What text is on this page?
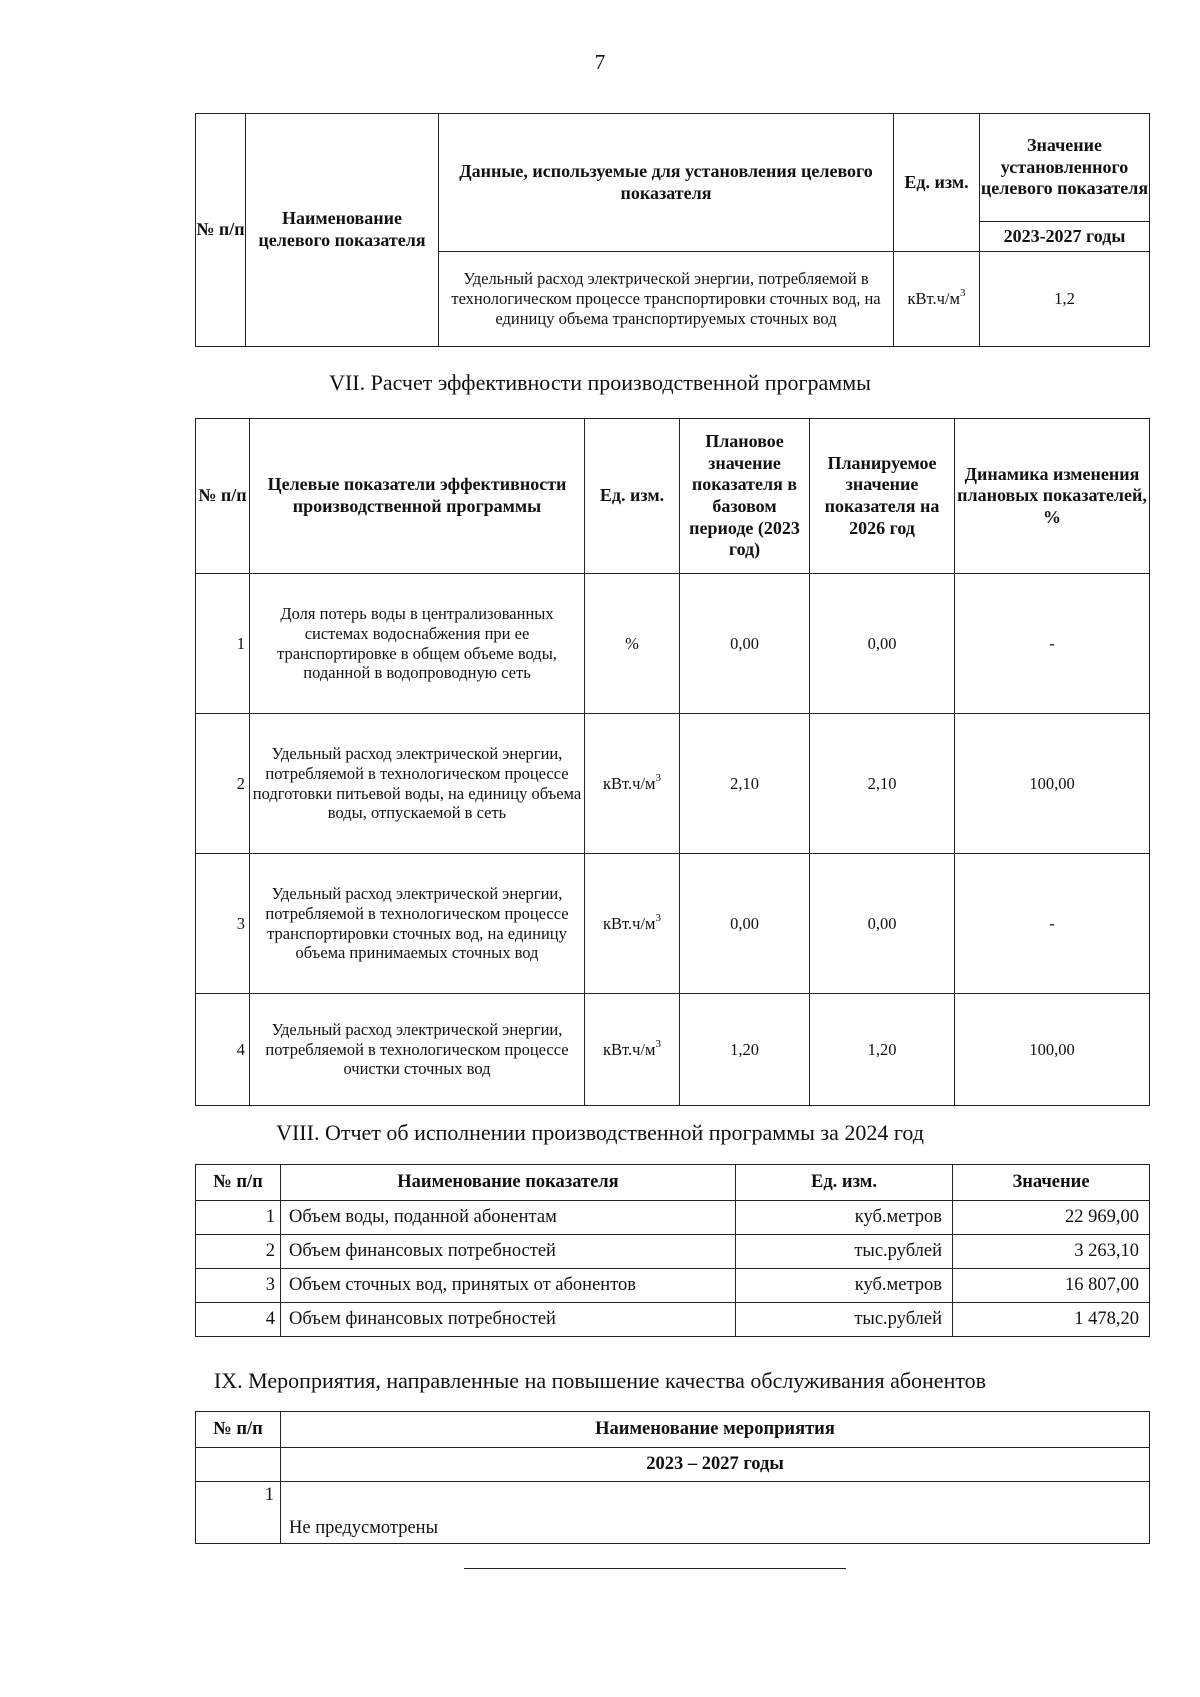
7
№ п/п	Наименование целевого показателя	Данные, используемые для установления целевого показателя	Ед. изм.	Значение установленного целевого показателя
				2023-2027 годы
		Удельный расход электрической энергии, потребляемой в технологическом процессе транспортировки сточных вод, на единицу объема транспортируемых сточных вод	$кВт.ч/м^3$	1,2
VII. Расчет эффективности производственной программы
№ п/п	Целевые показатели эффективности производственной программы	Ед. изм.	Плановое значение показателя в базовом периоде (2023 год)	Планируемое значение показателя на 2026 год	Динамика изменения плановых показателей, %
1	Доля потерь воды в централизованных системах водоснабжения при ее транспортировке в общем объеме воды, поданной в водопроводную сеть	%	0,00	0,00	-
2	Удельный расход электрической энергии, потребляемой в технологическом процессе подготовки питьевой воды, на единицу объема воды, отпускаемой в сеть	$кВт.ч/м^3$	2,10	2,10	100,00
3	Удельный расход электрической энергии, потребляемой в технологическом процессе транспортировки сточных вод, на единицу объема принимаемых сточных вод	$кВт.ч/м^3$	0,00	0,00	-
4	Удельный расход электрической энергии, потребляемой в технологическом процессе очистки сточных вод	$кВт.ч/м^3$	1,20	1,20	100,00
VIII. Отчет об исполнении производственной программы за 2024 год
№ п/п	Наименование показателя	Ед. изм.	Значение
1	Объем воды, поданной абонентам	куб.метров	22 969,00
2	Объем финансовых потребностей	тыс.рублей	3 263,10
3	Объем сточных вод, принятых от абонентов	куб.метров	16 807,00
4	Объем финансовых потребностей	тыс.рублей	1 478,20
IX. Мероприятия, направленные на повышение качества обслуживания абонентов
№ п/п	Наименование мероприятия
	2023 – 2027 годы
1	Не предусмотрены
